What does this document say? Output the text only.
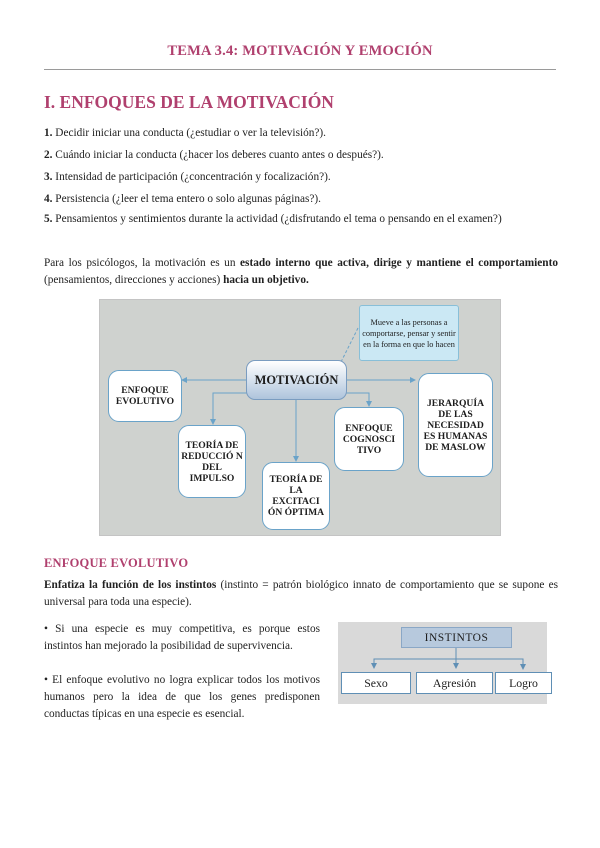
TEMA 3.4: MOTIVACIÓN Y EMOCIÓN
I. ENFOQUES DE LA MOTIVACIÓN
1. Decidir iniciar una conducta (¿estudiar o ver la televisión?).
2. Cuándo iniciar la conducta (¿hacer los deberes cuanto antes o después?).
3. Intensidad de participación (¿concentración y focalización?).
4. Persistencia (¿leer el tema entero o solo algunas páginas?).
5. Pensamientos y sentimientos durante la actividad (¿disfrutando el tema o pensando en el examen?)
Para los psicólogos, la motivación es un estado interno que activa, dirige y mantiene el comportamiento (pensamientos, direcciones y acciones) hacia un objetivo.
Mueve a las personas a comportarse, pensar y sentir en la forma en que lo hacen
MOTIVACIÓN
ENFOQUE EVOLUTIVO
TEORÍA DE REDUCCIÓ N DEL IMPULSO	TEORÍA DE LA EXCITACI ÓN ÓPTIMA
ENFOQUE COGNOSCI TIVO
JERARQUÍA DE LAS NECESIDAD ES HUMANAS DE MASLOW
ENFOQUE EVOLUTIVO
Enfatiza la función de los instintos (instinto = patrón biológico innato de comportamiento que se supone es universal para toda una especie).
• Si una especie es muy competitiva, es porque estos instintos han mejorado la posibilidad de supervivencia.
• El enfoque evolutivo no logra explicar todos los motivos humanos pero la idea de que los genes predisponen conductas típicas en una especie es esencial.
INSTINTOS
Sexo	Agresión	Logro
